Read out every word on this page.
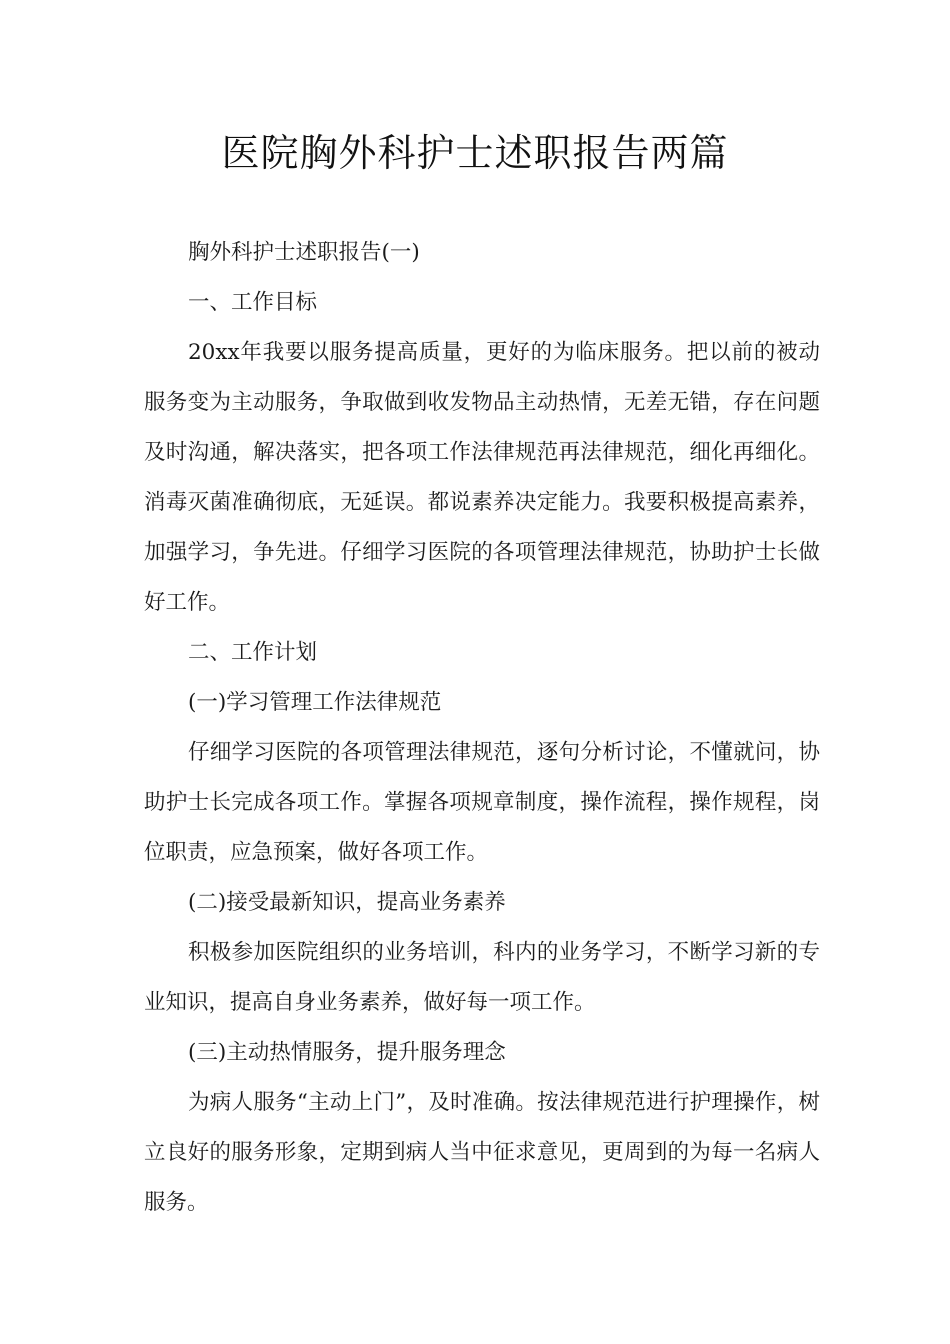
医院胸外科护士述职报告两篇

胸外科护士述职报告(一)

一、工作目标

20xx年我要以服务提高质量，更好的为临床服务。把以前的被动服务变为主动服务，争取做到收发物品主动热情，无差无错，存在问题及时沟通，解决落实，把各项工作法律规范再法律规范，细化再细化。消毒灭菌准确彻底，无延误。都说素养决定能力。我要积极提高素养，加强学习，争先进。仔细学习医院的各项管理法律规范，协助护士长做好工作。

二、工作计划

(一)学习管理工作法律规范

仔细学习医院的各项管理法律规范，逐句分析讨论，不懂就问，协助护士长完成各项工作。掌握各项规章制度，操作流程，操作规程，岗位职责，应急预案，做好各项工作。

(二)接受最新知识，提高业务素养

积极参加医院组织的业务培训，科内的业务学习，不断学习新的专业知识，提高自身业务素养，做好每一项工作。

(三)主动热情服务，提升服务理念

为病人服务“主动上门”，及时准确。按法律规范进行护理操作，树立良好的服务形象，定期到病人当中征求意见，更周到的为每一名病人服务。
